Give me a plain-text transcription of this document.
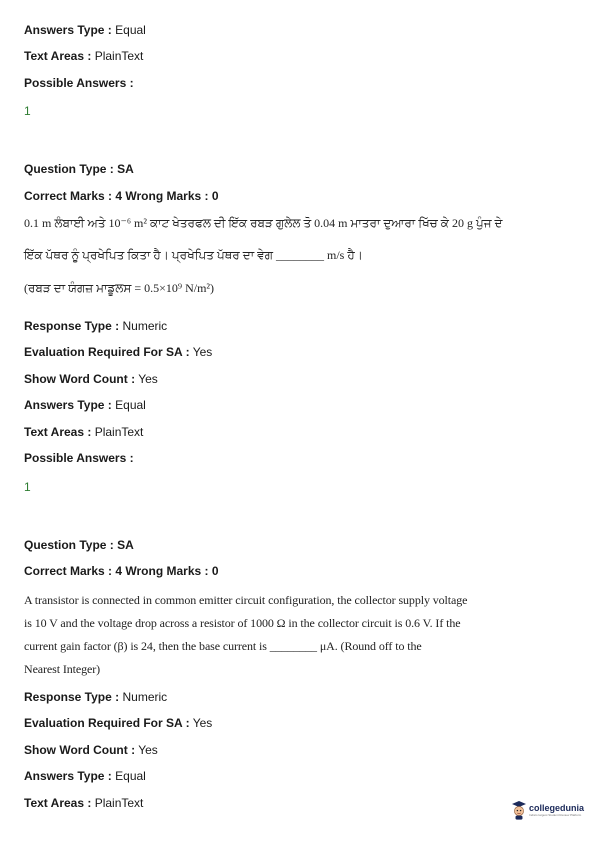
Answers Type : Equal
Text Areas : PlainText
Possible Answers :
1
Question Type : SA
Correct Marks : 4 Wrong Marks : 0
0.1 m ਲੰਬਾਈ ਅਤੇ 10⁻⁶ m² ਕਾਟ ਖੇਤਰਫਲ ਦੀ ਇੱਕ ਰਬੜ ਗੁਲੇਲ ਤੋ 0.04 m ਮਾਤਰਾ ਦੁਆਰਾ ਖਿੱਚ ਕੇ 20 g ਪੁੰਜ ਦੇ
ਇੱਕ ਪੱਥਰ ਨੂੰ ਪ੍ਰਖੇਪਿਤ ਕਿਤਾ ਹੈ। ਪ੍ਰਖੇਪਿਤ ਪੱਥਰ ਦਾ ਵੇਗ ________ m/s ਹੈ।
(ਰਬੜ ਦਾ ਯੰਗਜ਼ ਮਾਡੂਲਸ = 0.5×10⁹ N/m²)
Response Type : Numeric
Evaluation Required For SA : Yes
Show Word Count : Yes
Answers Type : Equal
Text Areas : PlainText
Possible Answers :
1
Question Type : SA
Correct Marks : 4 Wrong Marks : 0
A transistor is connected in common emitter circuit configuration, the collector supply voltage
is 10 V and the voltage drop across a resistor of 1000 Ω in the collector circuit is 0.6 V. If the
current gain factor (β) is 24, then the base current is ________ μA. (Round off to the
Nearest Integer)
Response Type : Numeric
Evaluation Required For SA : Yes
Show Word Count : Yes
Answers Type : Equal
Text Areas : PlainText	collegedunia
India's largest Student Review Platform
